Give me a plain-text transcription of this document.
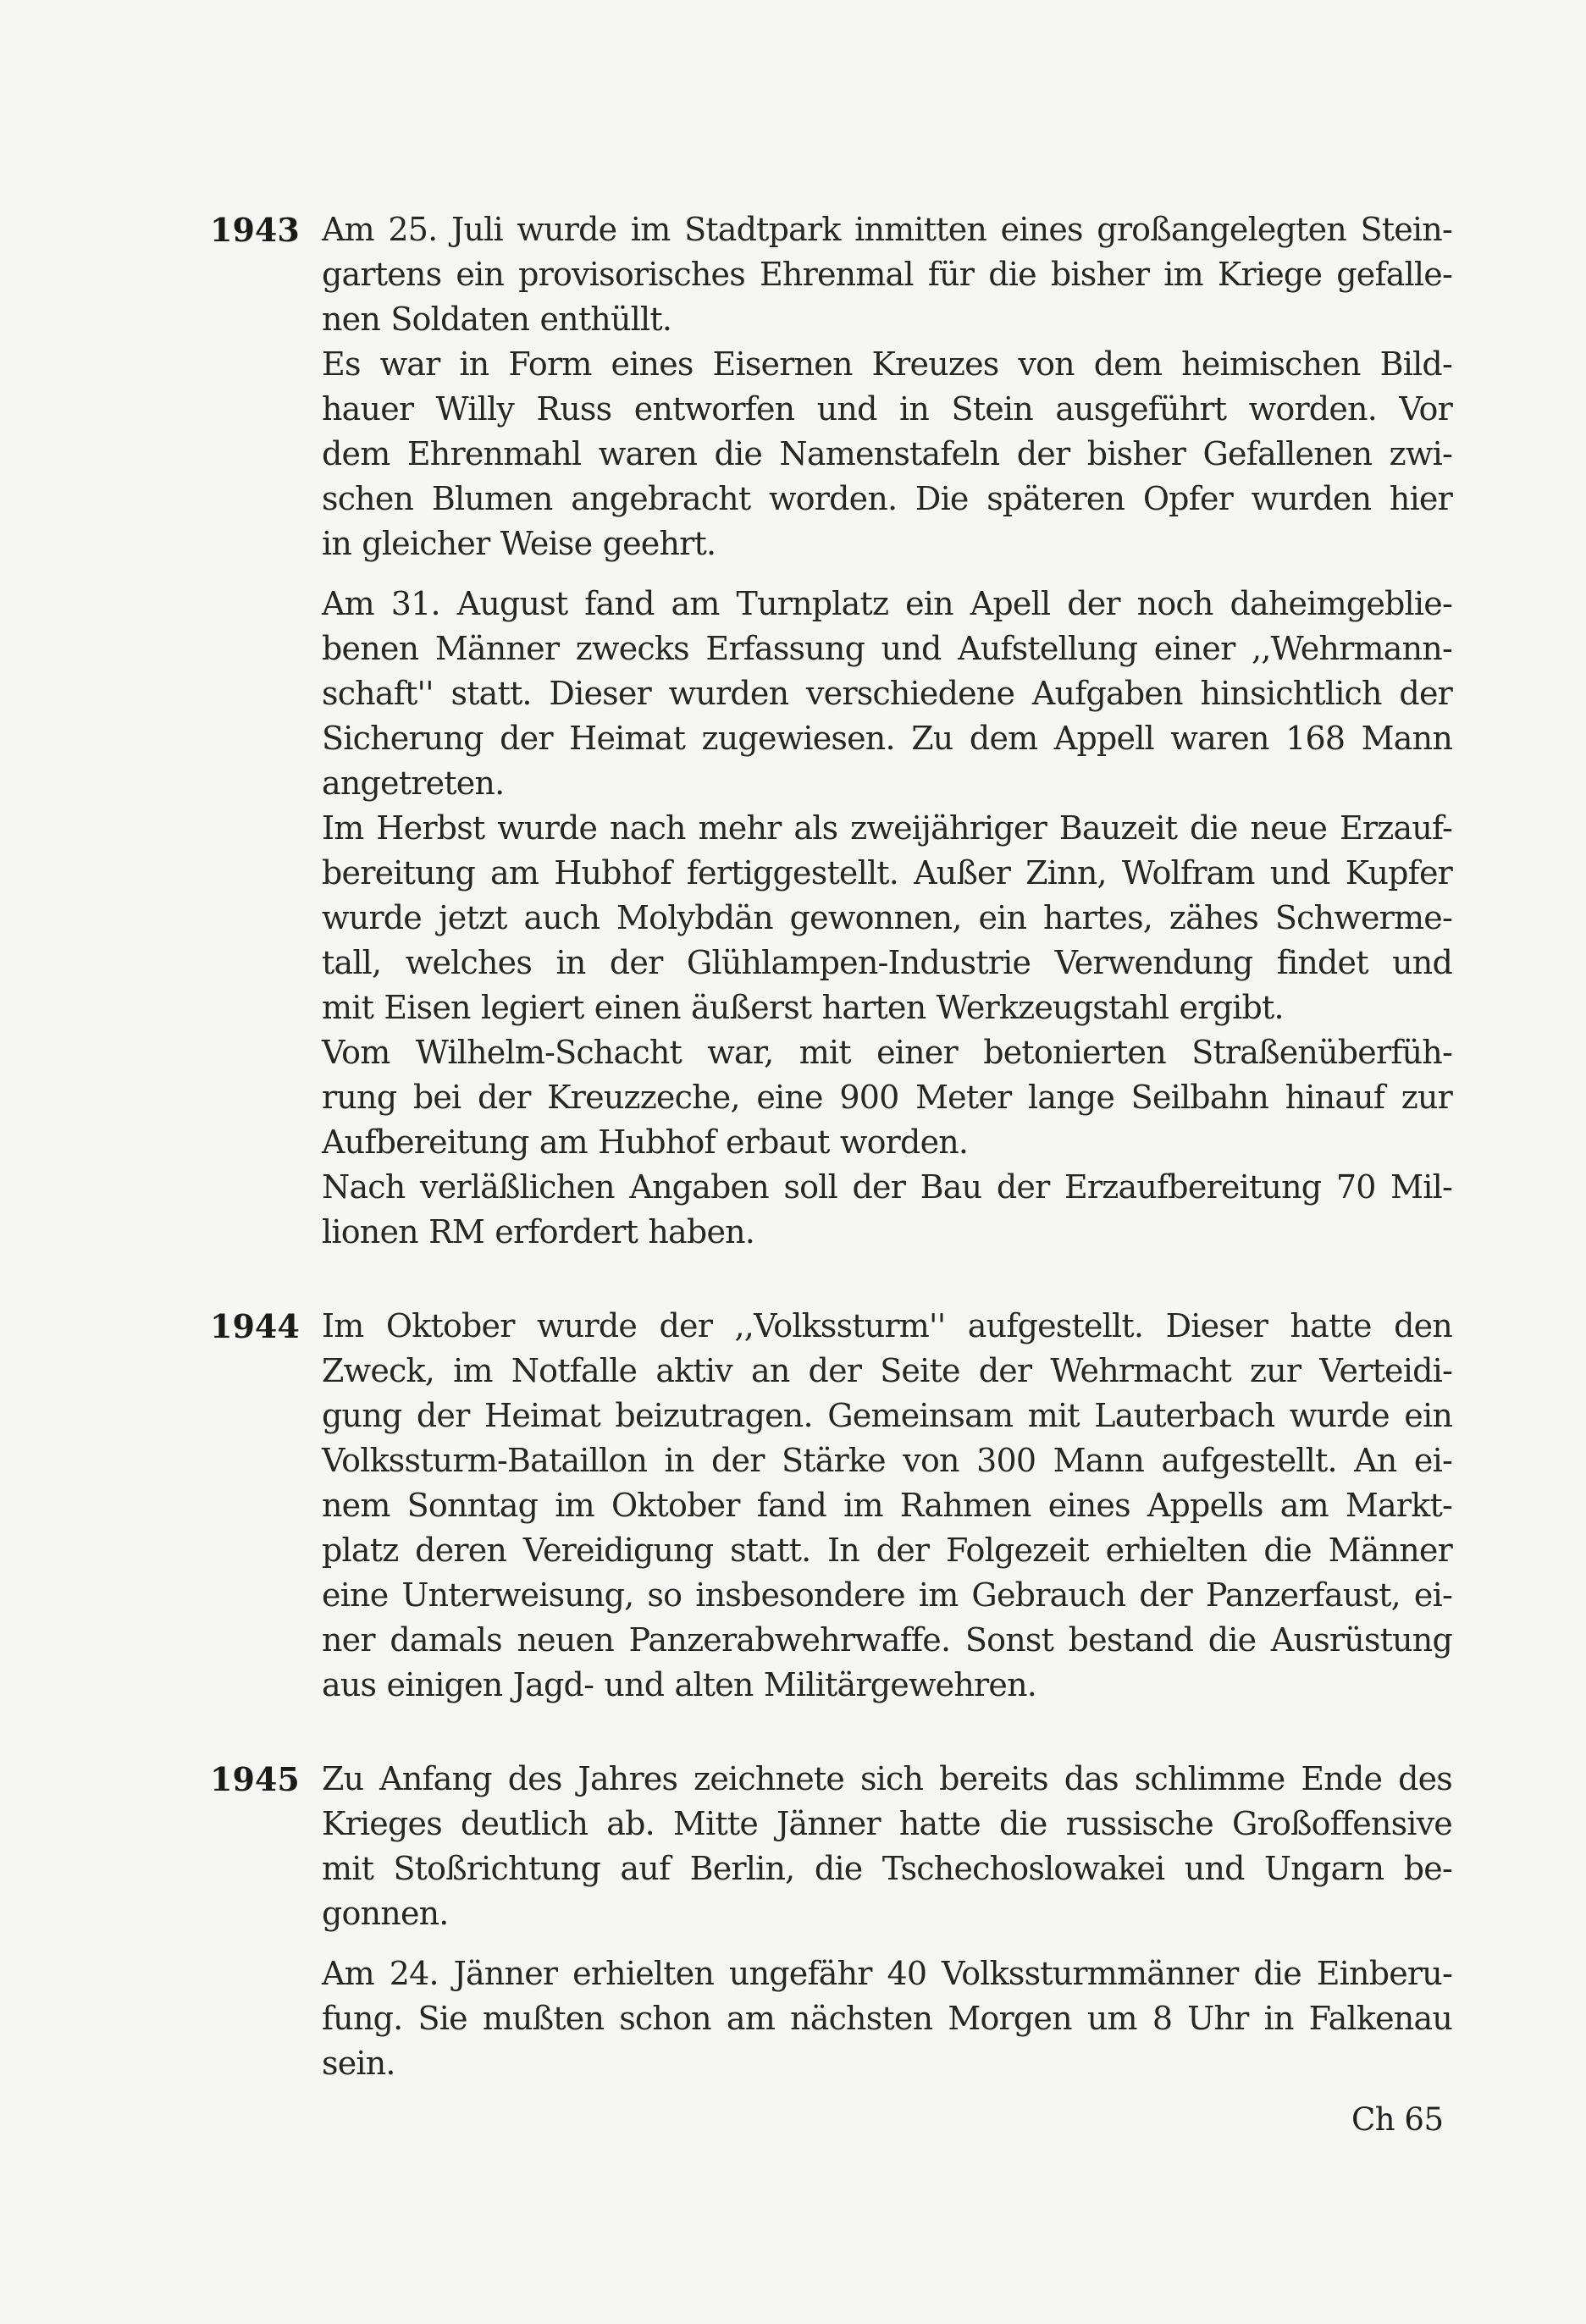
1943 Am 25. Juli wurde im Stadtpark inmitten eines großangelegten Stein-
gartens ein provisorisches Ehrenmal für die bisher im Kriege gefalle-
nen Soldaten enthüllt.
Es war in Form eines Eisernen Kreuzes von dem heimischen Bild-
hauer Willy Russ entworfen und in Stein ausgeführt worden. Vor
dem Ehrenmahl waren die Namenstafeln der bisher Gefallenen zwi-
schen Blumen angebracht worden. Die späteren Opfer wurden hier
in gleicher Weise geehrt.
Am 31. August fand am Turnplatz ein Apell der noch daheimgeblie-
benen Männer zwecks Erfassung und Aufstellung einer ,,Wehrmann-
schaft'' statt. Dieser wurden verschiedene Aufgaben hinsichtlich der
Sicherung der Heimat zugewiesen. Zu dem Appell waren 168 Mann
angetreten.
Im Herbst wurde nach mehr als zweijähriger Bauzeit die neue Erzauf-
bereitung am Hubhof fertiggestellt. Außer Zinn, Wolfram und Kupfer
wurde jetzt auch Molybdän gewonnen, ein hartes, zähes Schwerme-
tall, welches in der Glühlampen-Industrie Verwendung findet und
mit Eisen legiert einen äußerst harten Werkzeugstahl ergibt.
Vom Wilhelm-Schacht war, mit einer betonierten Straßenüberfüh-
rung bei der Kreuzzeche, eine 900 Meter lange Seilbahn hinauf zur
Aufbereitung am Hubhof erbaut worden.
Nach verläßlichen Angaben soll der Bau der Erzaufbereitung 70 Mil-
lionen RM erfordert haben.
1944 Im Oktober wurde der ,,Volkssturm'' aufgestellt. Dieser hatte den
Zweck, im Notfalle aktiv an der Seite der Wehrmacht zur Verteidi-
gung der Heimat beizutragen. Gemeinsam mit Lauterbach wurde ein
Volkssturm-Bataillon in der Stärke von 300 Mann aufgestellt. An ei-
nem Sonntag im Oktober fand im Rahmen eines Appells am Markt-
platz deren Vereidigung statt. In der Folgezeit erhielten die Männer
eine Unterweisung, so insbesondere im Gebrauch der Panzerfaust, ei-
ner damals neuen Panzerabwehrwaffe. Sonst bestand die Ausrüstung
aus einigen Jagd- und alten Militärgewehren.
1945 Zu Anfang des Jahres zeichnete sich bereits das schlimme Ende des
Krieges deutlich ab. Mitte Jänner hatte die russische Großoffensive
mit Stoßrichtung auf Berlin, die Tschechoslowakei und Ungarn be-
gonnen.
Am 24. Jänner erhielten ungefähr 40 Volkssturmmänner die Einberu-
fung. Sie mußten schon am nächsten Morgen um 8 Uhr in Falkenau
sein.
Ch 65
